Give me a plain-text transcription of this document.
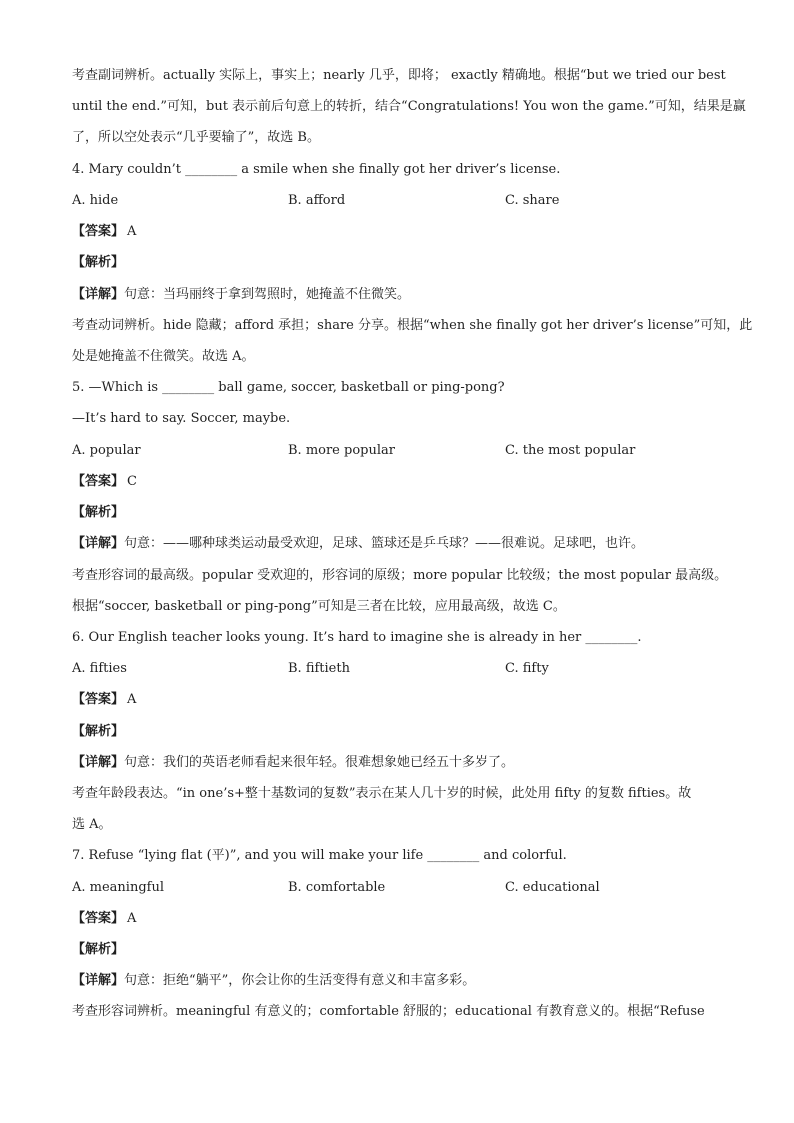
考查副词辨析。actually 实际上，事实上；nearly 几乎，即将； exactly 精确地。根据“but we tried our best
until the end.”可知，but 表示前后句意上的转折，结合“Congratulations! You won the game.”可知，结果是赢
了，所以空处表示“几乎要输了”，故选 B。
4. Mary couldn’t ________ a smile when she finally got her driver’s license.
A. hide	B. afford	C. share
【答案】 A
【解析】
【详解】句意：当玛丽终于拿到驾照时，她掩盖不住微笑。
考查动词辨析。hide 隐藏；afford 承担；share 分享。根据“when she finally got her driver’s license”可知，此
处是她掩盖不住微笑。故选 A。
5. —Which is ________ ball game, soccer, basketball or ping-pong?
—It’s hard to say. Soccer, maybe.
A. popular	B. more popular	C. the most popular
【答案】 C
【解析】
【详解】句意：——哪种球类运动最受欢迎，足球、篮球还是乒乓球？——很难说。足球吧，也许。
考查形容词的最高级。popular 受欢迎的，形容词的原级；more popular 比较级；the most popular 最高级。
根据“soccer, basketball or ping-pong”可知是三者在比较，应用最高级，故选 C。
6. Our English teacher looks young. It’s hard to imagine she is already in her ________.
A. fifties	B. fiftieth	C. fifty
【答案】 A
【解析】
【详解】句意：我们的英语老师看起来很年轻。很难想象她已经五十多岁了。
考查年龄段表达。“in one’s+整十基数词的复数”表示在某人几十岁的时候，此处用 fifty 的复数 fifties。故
选 A。
7. Refuse “lying flat (平)”, and you will make your life ________ and colorful.
A. meaningful	B. comfortable	C. educational
【答案】 A
【解析】
【详解】句意：拒绝“躺平”，你会让你的生活变得有意义和丰富多彩。
考查形容词辨析。meaningful 有意义的；comfortable 舒服的；educational 有教育意义的。根据“Refuse
